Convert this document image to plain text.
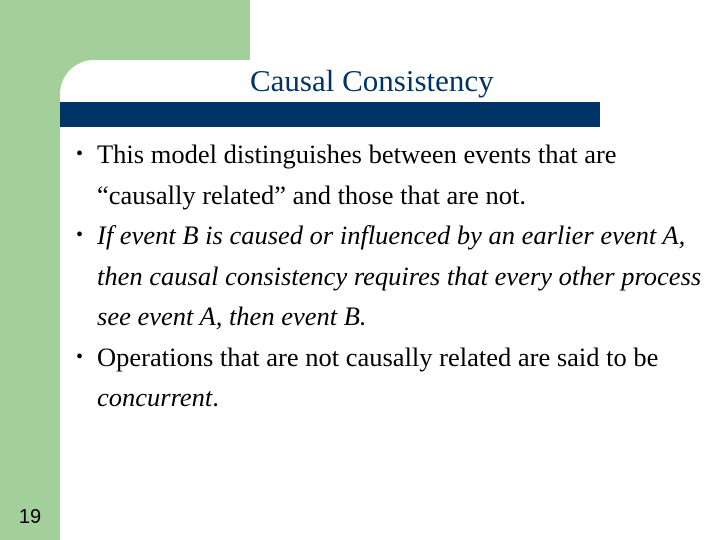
Causal Consistency

• This model distinguishes between events that are “causally related” and those that are not.

• If event B is caused or influenced by an earlier event A, then causal consistency requires that every other process see event A, then event B.

• Operations that are not causally related are said to be concurrent.

19
